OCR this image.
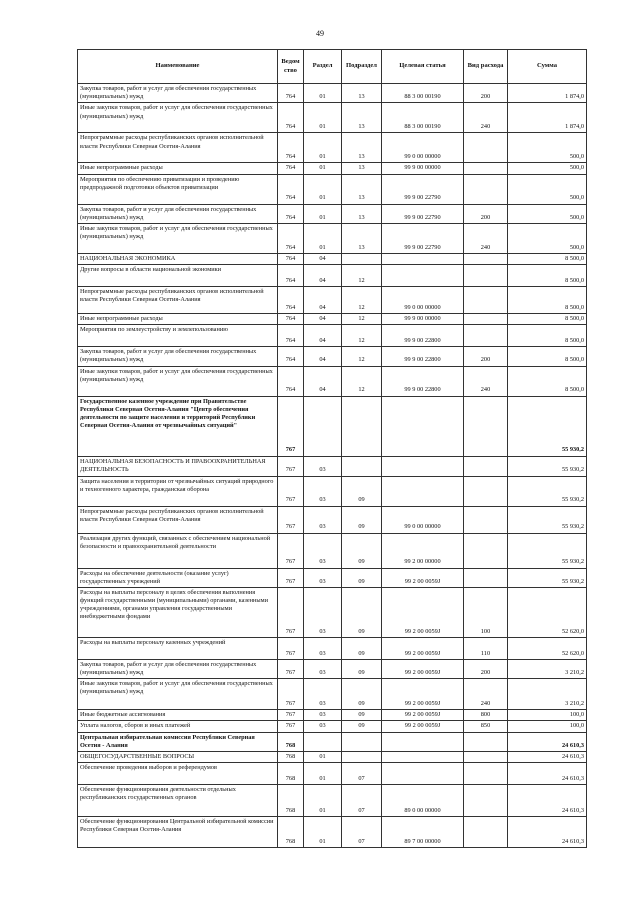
49
Наименование	Ведом ство	Раздел	Подраздел	Целевая статья	Вид расхода	Сумма
Закупка товаров, работ и услуг для обеспечения государственных (муниципальных) нужд	764	01	13	88 3 00 00190	200	1 874,0
Иные закупки товаров, работ и услуг для обеспечения государственных (муниципальных) нужд	764	01	13	88 3 00 00190	240	1 874,0
Непрограммные расходы республиканских органов исполнительной власти Республики Северная Осетия-Алания	764	01	13	99 0 00 00000		500,0
Иные непрограммные расходы	764	01	13	99 9 00 00000		500,0
Мероприятия по обеспечению приватизации и проведению предпродажной подготовки объектов приватизации	764	01	13	99 9 00 22790		500,0
Закупка товаров, работ и услуг для обеспечения государственных (муниципальных) нужд	764	01	13	99 9 00 22790	200	500,0
Иные закупки товаров, работ и услуг для обеспечения государственных (муниципальных) нужд	764	01	13	99 9 00 22790	240	500,0
НАЦИОНАЛЬНАЯ ЭКОНОМИКА	764	04				8 500,0
Другие вопросы в области национальной экономики	764	04	12			8 500,0
Непрограммные расходы республиканских органов исполнительной власти Республики Северная Осетия-Алания	764	04	12	99 0 00 00000		8 500,0
Иные непрограммные расходы	764	04	12	99 9 00 00000		8 500,0
Мероприятия по землеустройству и землепользованию	764	04	12	99 9 00 22800		8 500,0
Закупка товаров, работ и услуг для обеспечения государственных (муниципальных) нужд	764	04	12	99 9 00 22800	200	8 500,0
Иные закупки товаров, работ и услуг для обеспечения государственных (муниципальных) нужд	764	04	12	99 9 00 22800	240	8 500,0
Государственное казенное учреждение при Правительстве Республики Северная Осетия-Алания "Центр обеспечения деятельности по защите населения и территорий Республики Северная Осетия-Алания от чрезвычайных ситуаций"	767					55 930,2
НАЦИОНАЛЬНАЯ БЕЗОПАСНОСТЬ И ПРАВООХРАНИТЕЛЬНАЯ ДЕЯТЕЛЬНОСТЬ	767	03				55 930,2
Защита населения и территории от чрезвычайных ситуаций природного и техногенного характера, гражданская оборона	767	03	09			55 930,2
Непрограммные расходы республиканских органов исполнительной власти Республики Северная Осетия-Алания	767	03	09	99 0 00 00000		55 930,2
Реализация других функций, связанных с обеспечением национальной безопасности и правоохранительной деятельности	767	03	09	99 2 00 00000		55 930,2
Расходы на обеспечение деятельности (оказание услуг) государственных учреждений	767	03	09	99 2 00 0059J		55 930,2
Расходы на выплаты персоналу в целях обеспечения выполнения функций государственными (муниципальными) органами, казенными учреждениями, органами управления государственными внебюджетными фондами	767	03	09	99 2 00 0059J	100	52 620,0
Расходы на выплаты персоналу казенных учреждений	767	03	09	99 2 00 0059J	110	52 620,0
Закупка товаров, работ и услуг для обеспечения государственных (муниципальных) нужд	767	03	09	99 2 00 0059J	200	3 210,2
Иные закупки товаров, работ и услуг для обеспечения государственных (муниципальных) нужд	767	03	09	99 2 00 0059J	240	3 210,2
Иные бюджетные ассигнования	767	03	09	99 2 00 0059J	800	100,0
Уплата налогов, сборов и иных платежей	767	03	09	99 2 00 0059J	850	100,0
Центральная избирательная комиссия Республики Северная Осетия - Алания	768					24 610,3
ОБЩЕГОСУДАРСТВЕННЫЕ ВОПРОСЫ	768	01				24 610,3
Обеспечение проведения выборов и референдумов	768	01	07			24 610,3
Обеспечение функционирования деятельности отдельных республиканских государственных органов	768	01	07	89 0 00 00000		24 610,3
Обеспечение функционирования Центральной избирательной комиссии Республики Северная Осетия-Алания	768	01	07	89 7 00 00000		24 610,3
